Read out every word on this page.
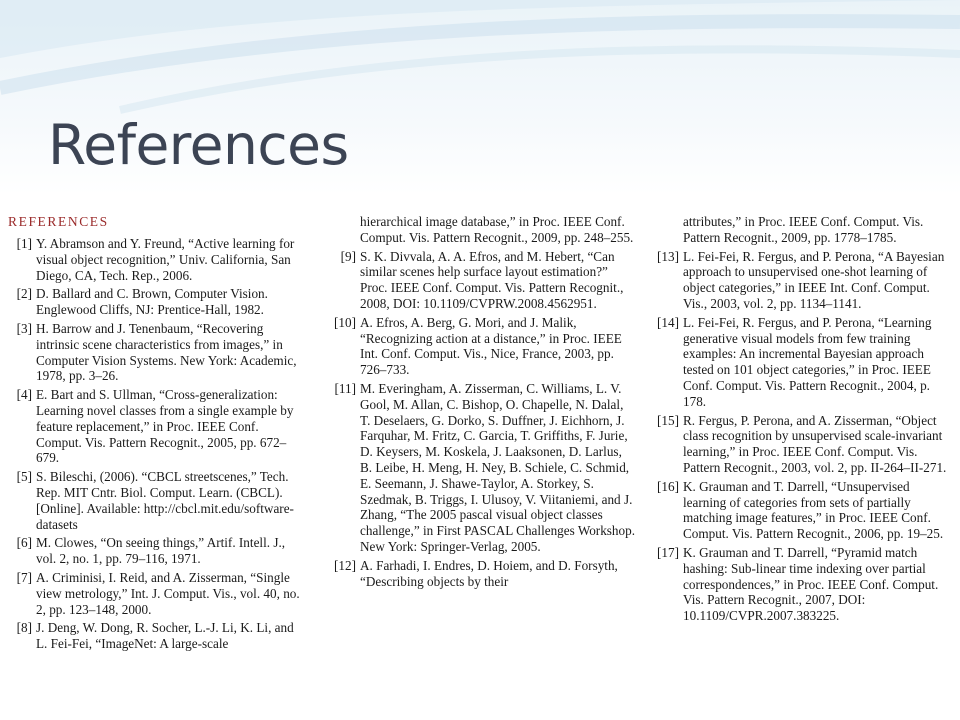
References
REFERENCES
[1] Y. Abramson and Y. Freund, “Active learning for visual object recognition,” Univ. California, San Diego, CA, Tech. Rep., 2006.
[2] D. Ballard and C. Brown, Computer Vision. Englewood Cliffs, NJ: Prentice-Hall, 1982.
[3] H. Barrow and J. Tenenbaum, “Recovering intrinsic scene characteristics from images,” in Computer Vision Systems. New York: Academic, 1978, pp. 3–26.
[4] E. Bart and S. Ullman, “Cross-generalization: Learning novel classes from a single example by feature replacement,” in Proc. IEEE Conf. Comput. Vis. Pattern Recognit., 2005, pp. 672–679.
[5] S. Bileschi, (2006). “CBCL streetscenes,” Tech. Rep. MIT Cntr. Biol. Comput. Learn. (CBCL). [Online]. Available: http://cbcl.mit.edu/software-datasets
[6] M. Clowes, “On seeing things,” Artif. Intell. J., vol. 2, no. 1, pp. 79–116, 1971.
[7] A. Criminisi, I. Reid, and A. Zisserman, “Single view metrology,” Int. J. Comput. Vis., vol. 40, no. 2, pp. 123–148, 2000.
[8] J. Deng, W. Dong, R. Socher, L.-J. Li, K. Li, and L. Fei-Fei, “ImageNet: A large-scale
hierarchical image database,” in Proc. IEEE Conf. Comput. Vis. Pattern Recognit., 2009, pp. 248–255.
[9] S. K. Divvala, A. A. Efros, and M. Hebert, “Can similar scenes help surface layout estimation?” Proc. IEEE Conf. Comput. Vis. Pattern Recognit., 2008, DOI: 10.1109/CVPRW.2008.4562951.
[10] A. Efros, A. Berg, G. Mori, and J. Malik, “Recognizing action at a distance,” in Proc. IEEE Int. Conf. Comput. Vis., Nice, France, 2003, pp. 726–733.
[11] M. Everingham, A. Zisserman, C. Williams, L. V. Gool, M. Allan, C. Bishop, O. Chapelle, N. Dalal, T. Deselaers, G. Dorko, S. Duffner, J. Eichhorn, J. Farquhar, M. Fritz, C. Garcia, T. Griffiths, F. Jurie, D. Keysers, M. Koskela, J. Laaksonen, D. Larlus, B. Leibe, H. Meng, H. Ney, B. Schiele, C. Schmid, E. Seemann, J. Shawe-Taylor, A. Storkey, S. Szedmak, B. Triggs, I. Ulusoy, V. Viitaniemi, and J. Zhang, “The 2005 pascal visual object classes challenge,” in First PASCAL Challenges Workshop. New York: Springer-Verlag, 2005.
[12] A. Farhadi, I. Endres, D. Hoiem, and D. Forsyth, “Describing objects by their
attributes,” in Proc. IEEE Conf. Comput. Vis. Pattern Recognit., 2009, pp. 1778–1785.
[13] L. Fei-Fei, R. Fergus, and P. Perona, “A Bayesian approach to unsupervised one-shot learning of object categories,” in IEEE Int. Conf. Comput. Vis., 2003, vol. 2, pp. 1134–1141.
[14] L. Fei-Fei, R. Fergus, and P. Perona, “Learning generative visual models from few training examples: An incremental Bayesian approach tested on 101 object categories,” in Proc. IEEE Conf. Comput. Vis. Pattern Recognit., 2004, p. 178.
[15] R. Fergus, P. Perona, and A. Zisserman, “Object class recognition by unsupervised scale-invariant learning,” in Proc. IEEE Conf. Comput. Vis. Pattern Recognit., 2003, vol. 2, pp. II-264–II-271.
[16] K. Grauman and T. Darrell, “Unsupervised learning of categories from sets of partially matching image features,” in Proc. IEEE Conf. Comput. Vis. Pattern Recognit., 2006, pp. 19–25.
[17] K. Grauman and T. Darrell, “Pyramid match hashing: Sub-linear time indexing over partial correspondences,” in Proc. IEEE Conf. Comput. Vis. Pattern Recognit., 2007, DOI: 10.1109/CVPR.2007.383225.
